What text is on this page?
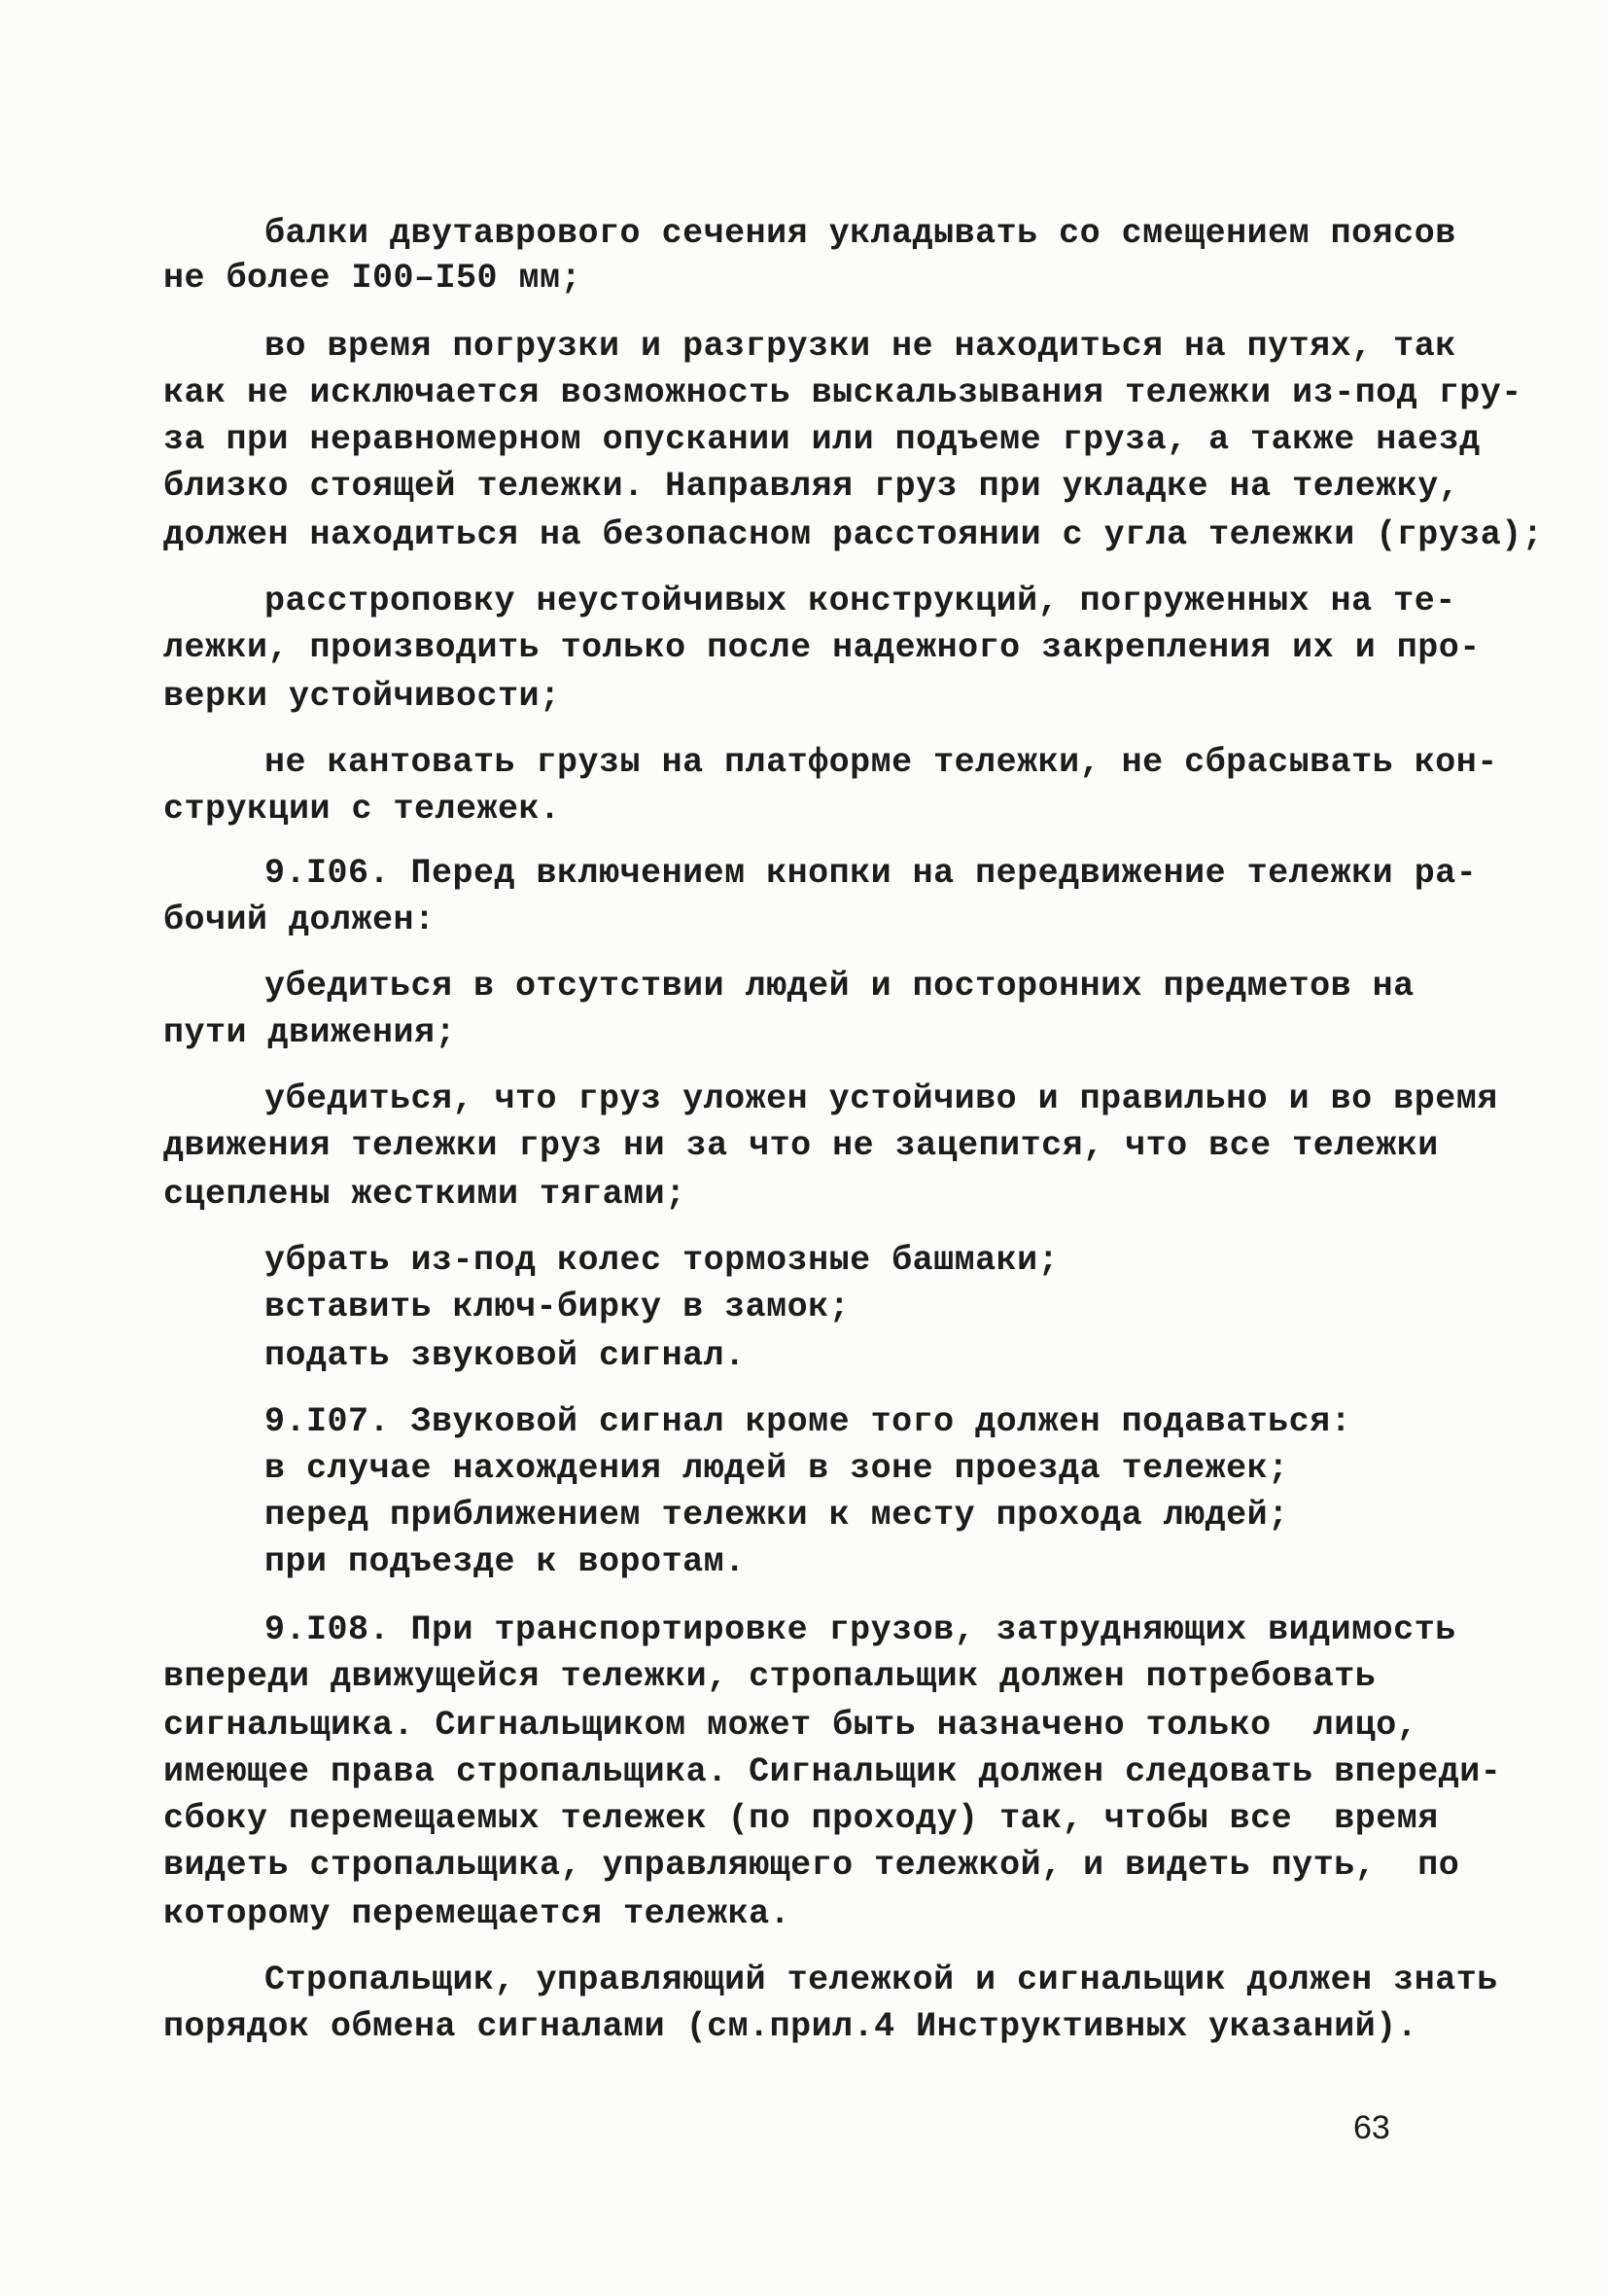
балки двутаврового сечения укладывать со смещением поясов
не более I00–I50 мм;
во время погрузки и разгрузки не находиться на путях, так
как не исключается возможность выскальзывания тележки из-под гру-
за при неравномерном опускании или подъеме груза, а также наезд
близко стоящей тележки. Направляя груз при укладке на тележку,
должен находиться на безопасном расстоянии с угла тележки (груза);
расстроповку неустойчивых конструкций, погруженных на те-
лежки, производить только после надежного закрепления их и про-
верки устойчивости;
не кантовать грузы на платформе тележки, не сбрасывать кон-
струкции с тележек.
9.I06. Перед включением кнопки на передвижение тележки ра-
бочий должен:
убедиться в отсутствии людей и посторонних предметов на
пути движения;
убедиться, что груз уложен устойчиво и правильно и во время
движения тележки груз ни за что не зацепится, что все тележки
сцеплены жесткими тягами;
убрать из-под колес тормозные башмаки;
вставить ключ-бирку в замок;
подать звуковой сигнал.
9.I07. Звуковой сигнал кроме того должен подаваться:
в случае нахождения людей в зоне проезда тележек;
перед приближением тележки к месту прохода людей;
при подъезде к воротам.
9.I08. При транспортировке грузов, затрудняющих видимость
впереди движущейся тележки, стропальщик должен потребовать
сигнальщика. Сигнальщиком может быть назначено только  лицо,
имеющее права стропальщика. Сигнальщик должен следовать впереди-
сбоку перемещаемых тележек (по проходу) так, чтобы все  время
видеть стропальщика, управляющего тележкой, и видеть путь,  по
которому перемещается тележка.
Стропальщик, управляющий тележкой и сигнальщик должен знать
порядок обмена сигналами (см.прил.4 Инструктивных указаний).
63
